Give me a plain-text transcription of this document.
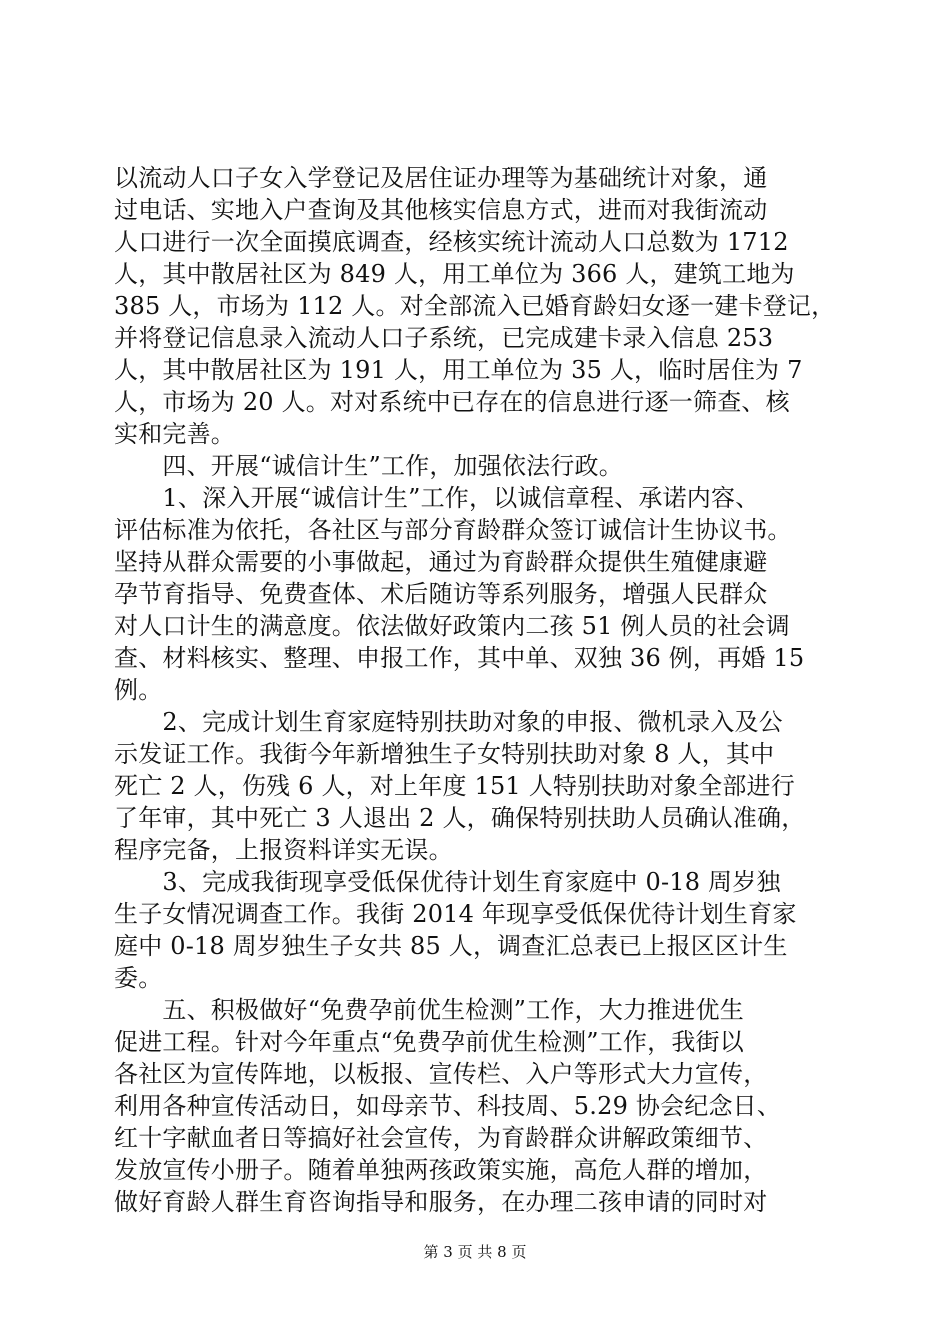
以流动人口子女入学登记及居住证办理等为基础统计对象，通
过电话、实地入户查询及其他核实信息方式，进而对我街流动
人口进行一次全面摸底调查，经核实统计流动人口总数为 1712
人，其中散居社区为 849 人，用工单位为 366 人，建筑工地为
385 人，市场为 112 人。对全部流入已婚育龄妇女逐一建卡登记，
并将登记信息录入流动人口子系统，已完成建卡录入信息 253
人，其中散居社区为 191 人，用工单位为 35 人，临时居住为 7
人，市场为 20 人。对对系统中已存在的信息进行逐一筛查、核
实和完善。
　　四、开展“诚信计生”工作，加强依法行政。
　　1、深入开展“诚信计生”工作，以诚信章程、承诺内容、
评估标准为依托，各社区与部分育龄群众签订诚信计生协议书。
坚持从群众需要的小事做起，通过为育龄群众提供生殖健康避
孕节育指导、免费查体、术后随访等系列服务，增强人民群众
对人口计生的满意度。依法做好政策内二孩 51 例人员的社会调
查、材料核实、整理、申报工作，其中单、双独 36 例，再婚 15
例。
　　2、完成计划生育家庭特别扶助对象的申报、微机录入及公
示发证工作。我街今年新增独生子女特别扶助对象 8 人，其中
死亡 2 人，伤残 6 人，对上年度 151 人特别扶助对象全部进行
了年审，其中死亡 3 人退出 2 人，确保特别扶助人员确认准确，
程序完备，上报资料详实无误。
　　3、完成我街现享受低保优待计划生育家庭中 0-18 周岁独
生子女情况调查工作。我街 2014 年现享受低保优待计划生育家
庭中 0-18 周岁独生子女共 85 人，调查汇总表已上报区区计生
委。
　　五、积极做好“免费孕前优生检测”工作，大力推进优生
促进工程。针对今年重点“免费孕前优生检测”工作，我街以
各社区为宣传阵地，以板报、宣传栏、入户等形式大力宣传，
利用各种宣传活动日，如母亲节、科技周、5.29 协会纪念日、
红十字献血者日等搞好社会宣传，为育龄群众讲解政策细节、
发放宣传小册子。随着单独两孩政策实施，高危人群的增加，
做好育龄人群生育咨询指导和服务，在办理二孩申请的同时对
第 3 页 共 8 页
